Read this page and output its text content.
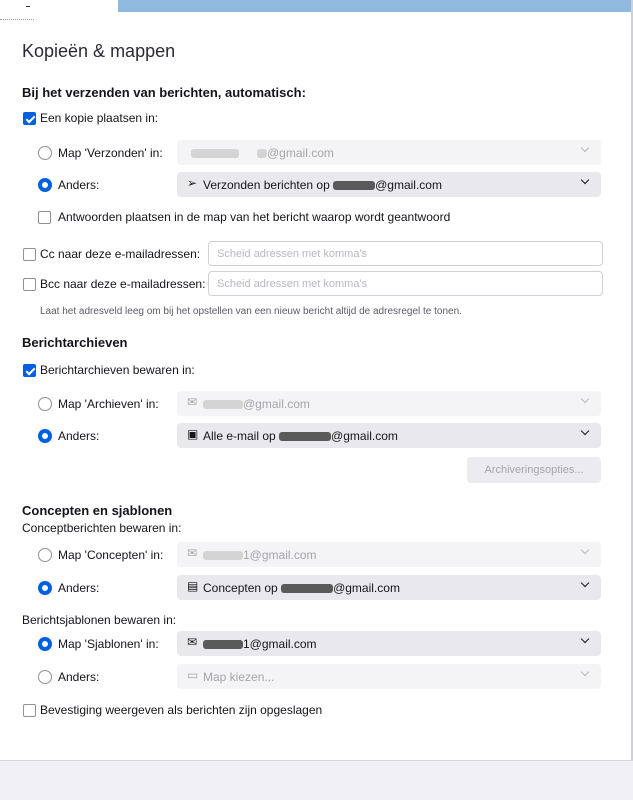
Kopieën & mappen
Bij het verzenden van berichten, automatisch:
Een kopie plaatsen in:
Map 'Verzonden' in:	@gmail.com
Anders:	➢ Verzonden berichten op	@gmail.com
Antwoorden plaatsen in de map van het bericht waarop wordt geantwoord
Cc naar deze e-mailadressen:
Scheid adressen met komma's
Bcc naar deze e-mailadressen:
Scheid adressen met komma's
Laat het adresveld leeg om bij het opstellen van een nieuw bericht altijd de adresregel te tonen.
Berichtarchieven
Berichtarchieven bewaren in:
Map 'Archieven' in: ✉	@gmail.com
Anders:	▣ Alle e-mail op	@gmail.com
Archiveringsopties...
Concepten en sjablonen
Conceptberichten bewaren in:
Map 'Concepten' in: ✉	1@gmail.com
Anders:	▤ Concepten op	@gmail.com
Berichtsjablonen bewaren in:
Map 'Sjablonen' in: ✉	1@gmail.com
Anders:	▭ Map kiezen...
Bevestiging weergeven als berichten zijn opgeslagen
